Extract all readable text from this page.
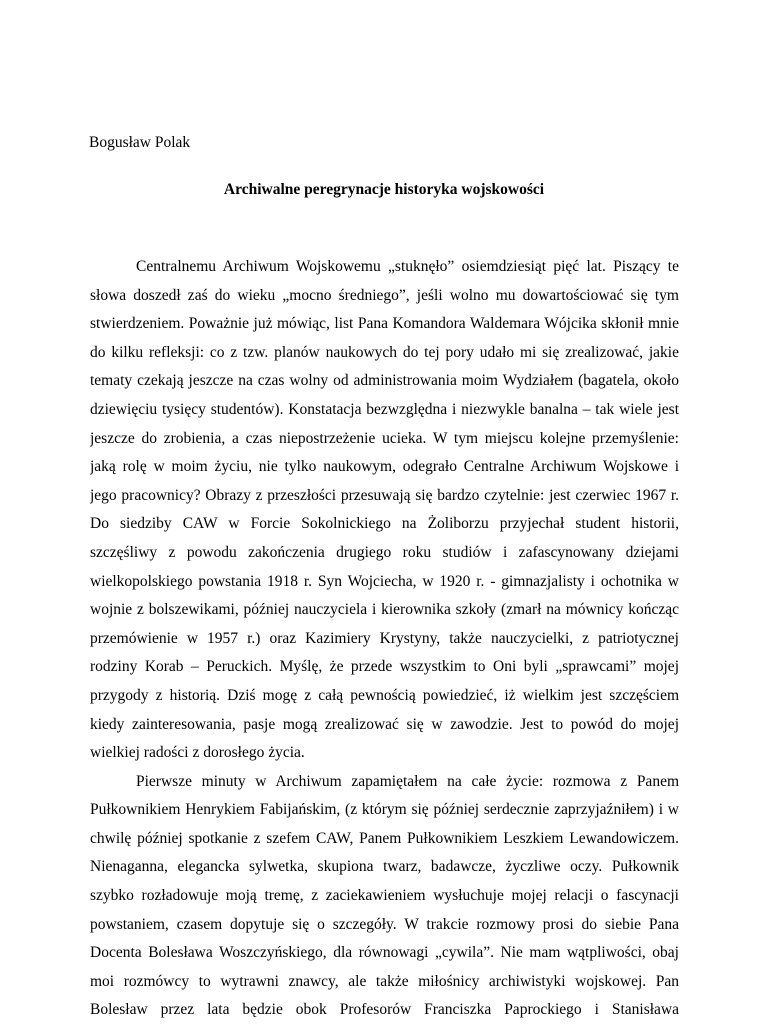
Bogusław Polak
Archiwalne peregrynacje historyka wojskowości
Centralnemu Archiwum Wojskowemu „stuknęło” osiemdziesiąt pięć lat. Piszący te
słowa doszedł zaś do wieku „mocno średniego”, jeśli wolno mu dowartościować się tym
stwierdzeniem. Poważnie już mówiąc, list Pana Komandora Waldemara Wójcika skłonił mnie
do kilku refleksji: co z tzw. planów naukowych do tej pory udało mi się zrealizować, jakie
tematy czekają jeszcze na czas wolny od administrowania moim Wydziałem (bagatela, około
dziewięciu tysięcy studentów). Konstatacja bezwzględna i niezwykle banalna – tak wiele jest
jeszcze do zrobienia, a czas niepostrzeżenie ucieka. W tym miejscu kolejne przemyślenie:
jaką rolę w moim życiu, nie tylko naukowym, odegrało Centralne Archiwum Wojskowe i
jego pracownicy? Obrazy z przeszłości przesuwają się bardzo czytelnie: jest czerwiec 1967 r.
Do siedziby CAW w Forcie Sokolnickiego na Żoliborzu przyjechał student historii,
szczęśliwy z powodu zakończenia drugiego roku studiów i zafascynowany dziejami
wielkopolskiego powstania 1918 r. Syn Wojciecha, w 1920 r. - gimnazjalisty i ochotnika w
wojnie z bolszewikami, później nauczyciela i kierownika szkoły (zmarł na mównicy kończąc
przemówienie w 1957 r.) oraz Kazimiery Krystyny, także nauczycielki, z patriotycznej
rodziny Korab – Peruckich. Myślę, że przede wszystkim to Oni byli „sprawcami” mojej
przygody z historią. Dziś mogę z całą pewnością powiedzieć, iż wielkim jest szczęściem
kiedy zainteresowania, pasje mogą zrealizować się w zawodzie. Jest to powód do mojej
wielkiej radości z dorosłego życia.
Pierwsze minuty w Archiwum zapamiętałem na całe życie: rozmowa z Panem
Pułkownikiem Henrykiem Fabijańskim, (z którym się później serdecznie zaprzyjaźniłem) i w
chwilę później spotkanie z szefem CAW, Panem Pułkownikiem Leszkiem Lewandowiczem.
Nienaganna, elegancka sylwetka, skupiona twarz, badawcze, życzliwe oczy. Pułkownik
szybko rozładowuje moją tremę, z zaciekawieniem wysłuchuje mojej relacji o fascynacji
powstaniem, czasem dopytuje się o szczegóły. W trakcie rozmowy prosi do siebie Pana
Docenta Bolesława Woszczyńskiego, dla równowagi „cywila”. Nie mam wątpliwości, obaj
moi rozmówcy to wytrawni znawcy, ale także miłośnicy archiwistyki wojskowej. Pan
Bolesław przez lata będzie obok Profesorów Franciszka Paprockiego i Stanisława
